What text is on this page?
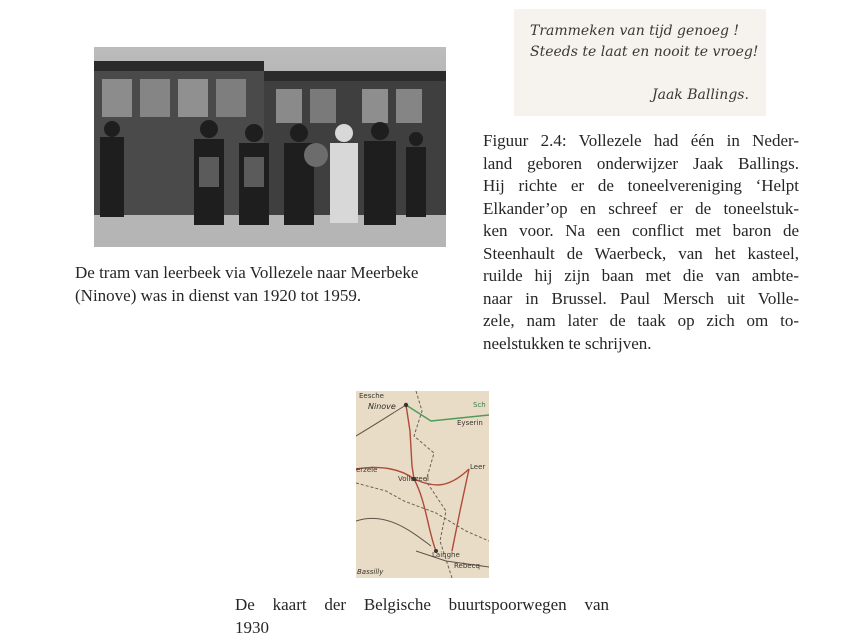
De tram van leerbeek via Vollezele naar Meerbeke
(Ninove) was in dienst van 1920 tot 1959.
Trammeken van tijd genoeg !
Steeds te laat en nooit te vroeg!
Jaak Ballings.
Figuur 2.4: Vollezele had één in Neder-
land geboren onderwijzer Jaak Ballings.
Hij richte er de toneelvereniging ‘Helpt
Elkander’op en schreef er de toneelstuk-
ken voor. Na een conflict met baron de
Steenhault de Waerbeck, van het kasteel,
ruilde hij zijn baan met die van ambte-
naar in Brussel. Paul Mersch uit Volle-
zele, nam later de taak op zich om to-
neelstukken te schrijven.
Eesche
Ninove	Sch
Eyserin
erzele	Leer
Vollezeel
Lainghe
Bassilly
Rebecq-
De kaart der Belgische buurtspoorwegen van
1930
